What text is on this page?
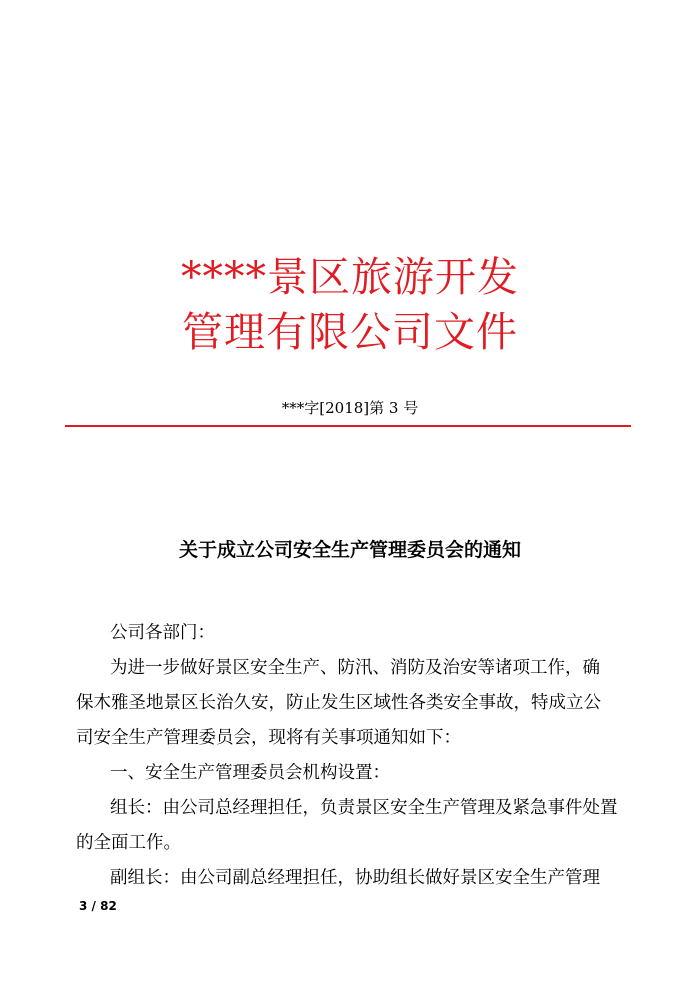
****景区旅游开发
管理有限公司文件
***字[2018]第 3 号
关于成立公司安全生产管理委员会的通知
公司各部门：
为进一步做好景区安全生产、防汛、消防及治安等诸项工作，确
保木雅圣地景区长治久安，防止发生区域性各类安全事故，特成立公
司安全生产管理委员会，现将有关事项通知如下：
一、安全生产管理委员会机构设置：
组长：由公司总经理担任，负责景区安全生产管理及紧急事件处置
的全面工作。
副组长：由公司副总经理担任，协助组长做好景区安全生产管理
3 / 82
